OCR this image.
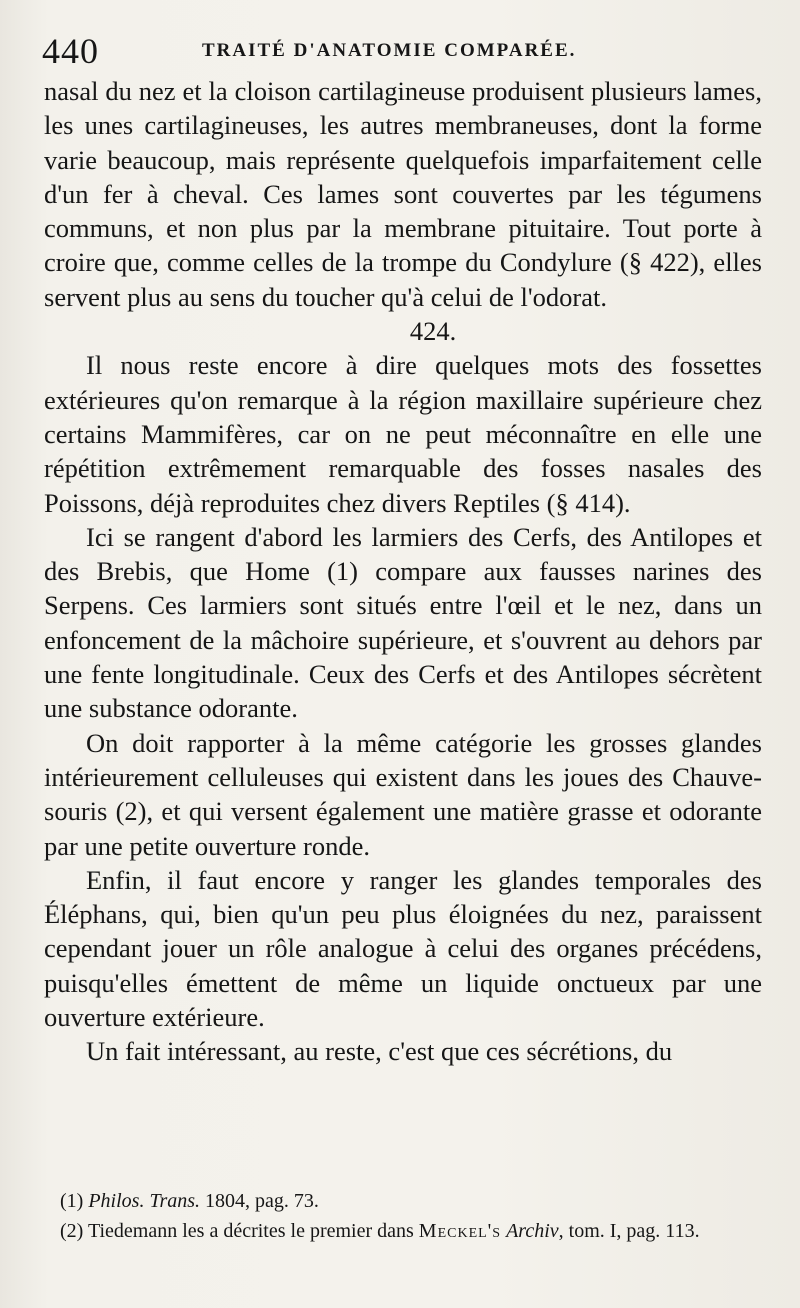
440	TRAITÉ D'ANATOMIE COMPARÉE.

nasal du nez et la cloison cartilagineuse produisent plusieurs lames, les unes cartilagineuses, les autres membraneuses, dont la forme varie beaucoup, mais représente quelquefois imparfaitement celle d'un fer à cheval. Ces lames sont couvertes par les tégumens communs, et non plus par la membrane pituitaire. Tout porte à croire que, comme celles de la trompe du Condylure (§ 422), elles servent plus au sens du toucher qu'à celui de l'odorat.

424.

Il nous reste encore à dire quelques mots des fossettes extérieures qu'on remarque à la région maxillaire supérieure chez certains Mammifères, car on ne peut méconnaître en elle une répétition extrêmement remarquable des fosses nasales des Poissons, déjà reproduites chez divers Reptiles (§ 414).

Ici se rangent d'abord les larmiers des Cerfs, des Antilopes et des Brebis, que Home (1) compare aux fausses narines des Serpens. Ces larmiers sont situés entre l'œil et le nez, dans un enfoncement de la mâchoire supérieure, et s'ouvrent au dehors par une fente longitudinale. Ceux des Cerfs et des Antilopes sécrètent une substance odorante.

On doit rapporter à la même catégorie les grosses glandes intérieurement celluleuses qui existent dans les joues des Chauve-souris (2), et qui versent également une matière grasse et odorante par une petite ouverture ronde.

Enfin, il faut encore y ranger les glandes temporales des Éléphans, qui, bien qu'un peu plus éloignées du nez, paraissent cependant jouer un rôle analogue à celui des organes précédens, puisqu'elles émettent de même un liquide onctueux par une ouverture extérieure.

Un fait intéressant, au reste, c'est que ces sécrétions, du

(1) Philos. Trans. 1804, pag. 73.

(2) Tiedemann les a décrites le premier dans Meckel's Archiv, tom. I, pag. 113.
